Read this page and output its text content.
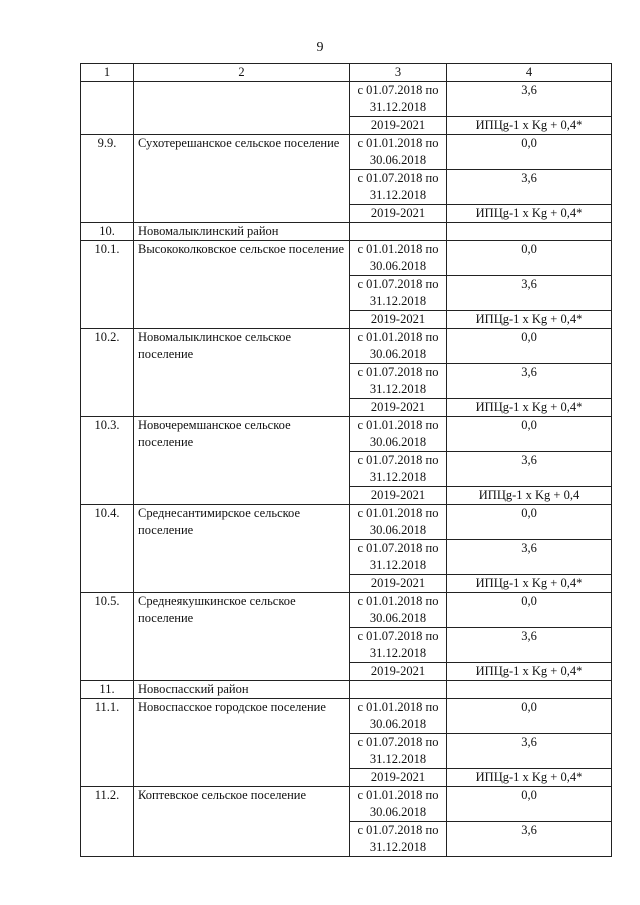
9
1	2	3	4
		с 01.07.2018 по 31.12.2018	3,6
		2019-2021	ИПЦg-1 x Kg + 0,4*
9.9.	Сухотерешанское сельское поселение	с 01.01.2018 по 30.06.2018	0,0
		с 01.07.2018 по 31.12.2018	3,6
		2019-2021	ИПЦg-1 x Kg + 0,4*
10.	Новомалыклинский район		
10.1.	Высококолковское сельское поселение	с 01.01.2018 по 30.06.2018	0,0
		с 01.07.2018 по 31.12.2018	3,6
		2019-2021	ИПЦg-1 x Kg + 0,4*
10.2.	Новомалыклинское сельское поселение	с 01.01.2018 по 30.06.2018	0,0
		с 01.07.2018 по 31.12.2018	3,6
		2019-2021	ИПЦg-1 x Kg + 0,4*
10.3.	Новочеремшанское сельское поселение	с 01.01.2018 по 30.06.2018	0,0
		с 01.07.2018 по 31.12.2018	3,6
		2019-2021	ИПЦg-1 x Kg + 0,4
10.4.	Среднесантимирское сельское поселение	с 01.01.2018 по 30.06.2018	0,0
		с 01.07.2018 по 31.12.2018	3,6
		2019-2021	ИПЦg-1 x Kg + 0,4*
10.5.	Среднеякушкинское сельское поселение	с 01.01.2018 по 30.06.2018	0,0
		с 01.07.2018 по 31.12.2018	3,6
		2019-2021	ИПЦg-1 x Kg + 0,4*
11.	Новоспасский район		
11.1.	Новоспасское городское поселение	с 01.01.2018 по 30.06.2018	0,0
		с 01.07.2018 по 31.12.2018	3,6
		2019-2021	ИПЦg-1 x Kg + 0,4*
11.2.	Коптевское сельское поселение	с 01.01.2018 по 30.06.2018	0,0
		с 01.07.2018 по 31.12.2018	3,6
